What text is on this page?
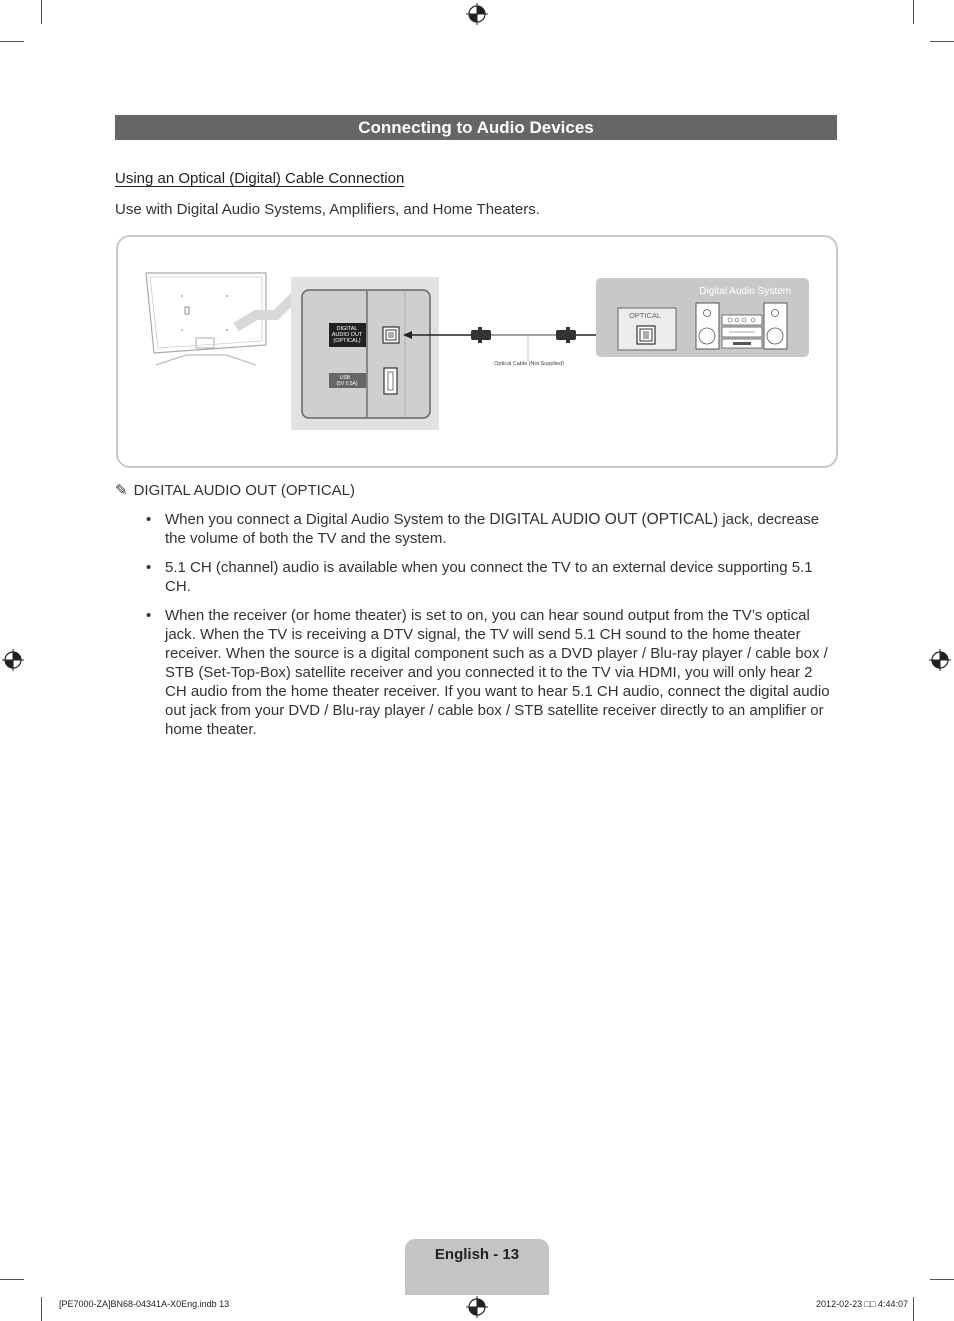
Connecting to Audio Devices
Using an Optical (Digital) Cable Connection
Use with Digital Audio Systems, Amplifiers, and Home Theaters.
DIGITAL
AUDIO OUT
(OPTICAL)
USB
(5V 0.5A)
Optical Cable (Not Supplied)
Digital Audio System
OPTICAL
✎ DIGITAL AUDIO OUT (OPTICAL)
• When you connect a Digital Audio System to the DIGITAL AUDIO OUT (OPTICAL) jack, decrease the volume of both the TV and the system.
• 5.1 CH (channel) audio is available when you connect the TV to an external device supporting 5.1 CH.
• When the receiver (or home theater) is set to on, you can hear sound output from the TV’s optical jack. When the TV is receiving a DTV signal, the TV will send 5.1 CH sound to the home theater receiver. When the source is a digital component such as a DVD player / Blu-ray player / cable box / STB (Set-Top-Box) satellite receiver and you connected it to the TV via HDMI, you will only hear 2 CH audio from the home theater receiver. If you want to hear 5.1 CH audio, connect the digital audio out jack from your DVD / Blu-ray player / cable box / STB satellite receiver directly to an amplifier or home theater.
English - 13
[PE7000-ZA]BN68-04341A-X0Eng.indb 13	2012-02-23 □□ 4:44:07
